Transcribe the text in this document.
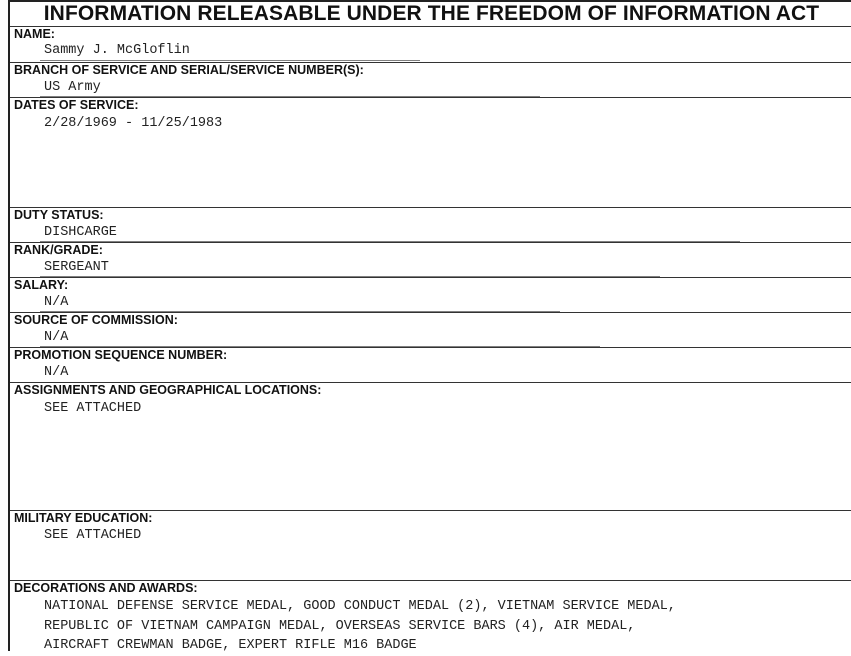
INFORMATION RELEASABLE UNDER THE FREEDOM OF INFORMATION ACT
NAME:
Sammy J. McGloflin
BRANCH OF SERVICE AND SERIAL/SERVICE NUMBER(S):
US Army
DATES OF SERVICE:
2/28/1969 - 11/25/1983
DUTY STATUS:
DISHCARGE
RANK/GRADE:
SERGEANT
SALARY:
N/A
SOURCE OF COMMISSION:
N/A
PROMOTION SEQUENCE NUMBER:
N/A
ASSIGNMENTS AND GEOGRAPHICAL LOCATIONS:
SEE ATTACHED
MILITARY EDUCATION:
SEE ATTACHED
DECORATIONS AND AWARDS:
NATIONAL DEFENSE SERVICE MEDAL, GOOD CONDUCT MEDAL (2), VIETNAM SERVICE MEDAL,
REPUBLIC OF VIETNAM CAMPAIGN MEDAL, OVERSEAS SERVICE BARS (4), AIR MEDAL,
AIRCRAFT CREWMAN BADGE, EXPERT RIFLE M16 BADGE
